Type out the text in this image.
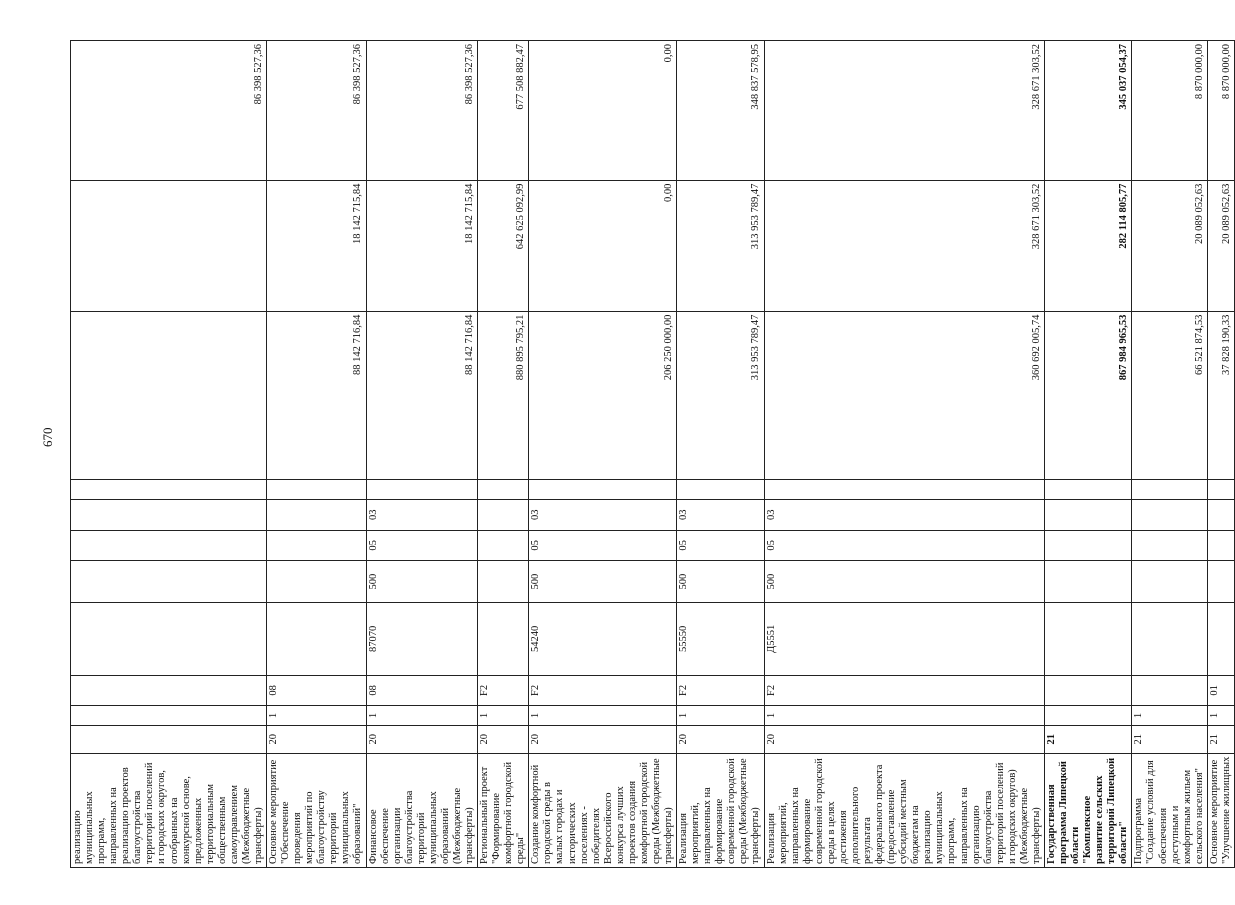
670
реализацию муниципальных программ, направленных на реализацию проектов благоустройства территорий поселений и городских округов, отобранных на конкурсной основе, предложенных территориальным общественным самоуправлением (Межбюджетные трансферты)											86 398 527,36
Основное мероприятие "Обеспечение проведения мероприятий по благоустройству территорий муниципальных образований"	20	1	08						88 142 716,84	18 142 715,84	86 398 527,36
Финансовое обеспечение организации благоустройства территорий муниципальных образований (Межбюджетные трансферты)	20	1	08	87070	500	05	03		88 142 716,84	18 142 715,84	86 398 527,36
Региональный проект "Формирование комфортной городской среды"	20	1	F2						880 895 795,21	642 625 092,99	677 508 882,47
Создание комфортной городской среды в малых городах и исторических поселениях - победителях Всероссийского конкурса лучших проектов создания комфортной городской среды (Межбюджетные трансферты)	20	1	F2	54240	500	05	03		206 250 000,00	0,00	0,00
Реализация мероприятий, направленных на формирование современной городской среды (Межбюджетные трансферты)	20	1	F2	55550	500	05	03		313 953 789,47	313 953 789,47	348 837 578,95
Реализация мероприятий, направленных на формирование современной городской среды в целях достижения дополнительного результата федерального проекта (предоставление субсидий местным бюджетам на реализацию муниципальных программ, направленных на организацию благоустройства территорий поселений и городских округов) (Межбюджетные трансферты)	20	1	F2	Д5551	500	05	03		360 692 005,74	328 671 303,52	328 671 303,52
Государственная программа Липецкой области "Комплексное развитие сельских территорий Липецкой области"	21								867 984 965,53	282 114 805,77	345 037 054,37
Подпрограмма "Создание условий для обеспечения доступным и комфортным жильем сельского населения"	21	1							66 521 874,53	20 089 052,63	8 870 000,00
Основное мероприятие "Улучшение жилищных	21	1	01						37 828 190,33	20 089 052,63	8 870 000,00
